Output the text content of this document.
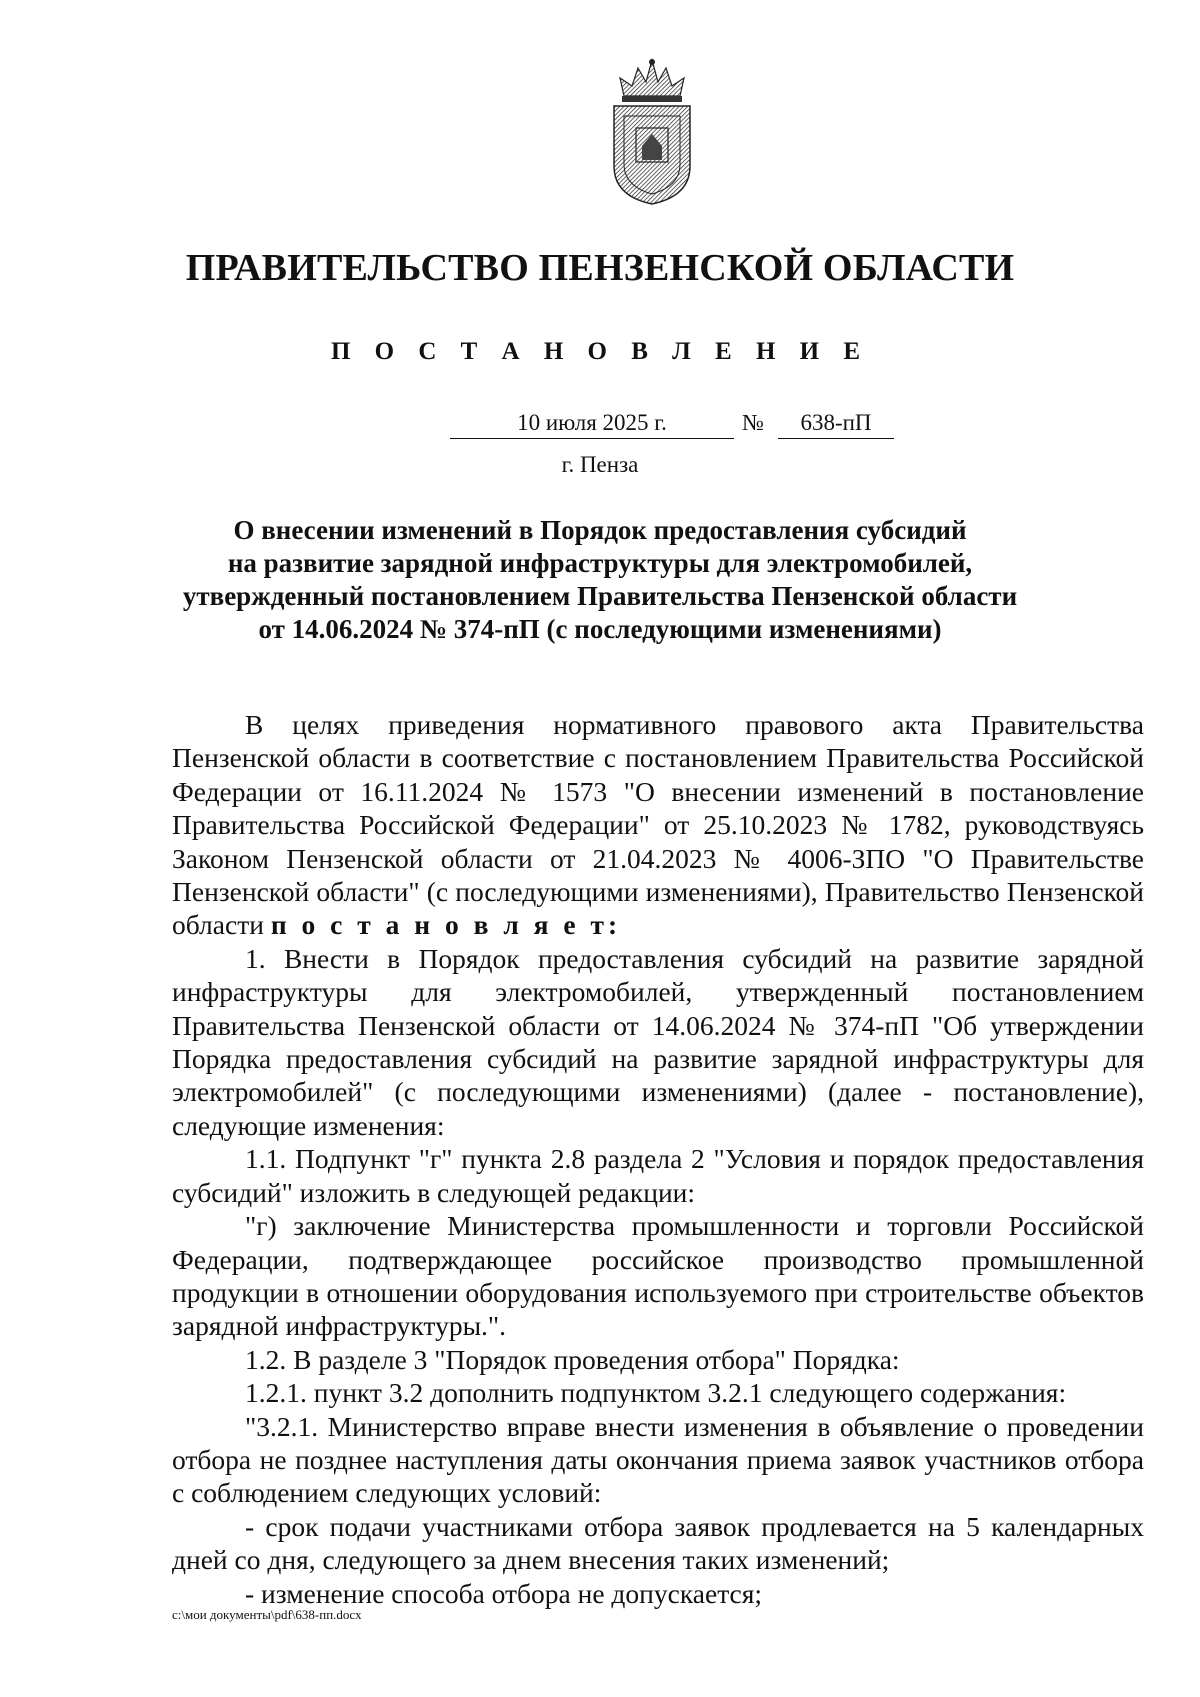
ПРАВИТЕЛЬСТВО ПЕНЗЕНСКОЙ ОБЛАСТИ
П О С Т А Н О В Л Е Н И Е
10 июля 2025 г.	№	638-пП
г. Пенза
О внесении изменений в Порядок предоставления субсидий
на развитие зарядной инфраструктуры для электромобилей,
утвержденный постановлением Правительства Пензенской области
от 14.06.2024 № 374-пП (с последующими изменениями)

В целях приведения нормативного правового акта Правительства Пензенской области в соответствие с постановлением Правительства Российской Федерации от 16.11.2024 № 1573 "О внесении изменений в постановление Правительства Российской Федерации" от 25.10.2023 № 1782, руководствуясь Законом Пензенской области от 21.04.2023 № 4006-ЗПО "О Правительстве Пензенской области" (с последующими изменениями), Правительство Пензенской области п о с т а н о в л я е т:

1. Внести в Порядок предоставления субсидий на развитие зарядной инфраструктуры для электромобилей, утвержденный постановлением Правительства Пензенской области от 14.06.2024 № 374-пП "Об утверждении Порядка предоставления субсидий на развитие зарядной инфраструктуры для электромобилей" (с последующими изменениями) (далее - постановление), следующие изменения:

1.1. Подпункт "г" пункта 2.8 раздела 2 "Условия и порядок предоставления субсидий" изложить в следующей редакции:

"г) заключение Министерства промышленности и торговли Российской Федерации, подтверждающее российское производство промышленной продукции в отношении оборудования используемого при строительстве объектов зарядной инфраструктуры.".

1.2. В разделе 3 "Порядок проведения отбора" Порядка:

1.2.1. пункт 3.2 дополнить подпунктом 3.2.1 следующего содержания:

"3.2.1. Министерство вправе внести изменения в объявление о проведении отбора не позднее наступления даты окончания приема заявок участников отбора с соблюдением следующих условий:

- срок подачи участниками отбора заявок продлевается на 5 календарных дней со дня, следующего за днем внесения таких изменений;

- изменение способа отбора не допускается;

c:\мои документы\pdf\638-пп.docx
